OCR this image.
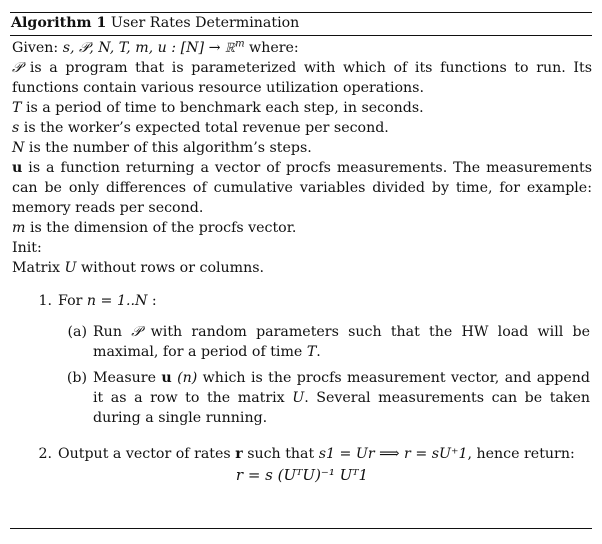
Algorithm 1 User Rates Determination
Given: s, 𝒫, N, T, m, u : [N] → ℝ$^m$ where:
𝒫 is a program that is parameterized with which of its functions to run. Its functions contain various resource utilization operations.
T is a period of time to benchmark each step, in seconds.
s is the worker’s expected total revenue per second.
N is the number of this algorithm’s steps.
u is a function returning a vector of procfs measurements. The measurements can be only differences of cumulative variables divided by time, for example: memory reads per second.
m is the dimension of the procfs vector.
Init:
Matrix U without rows or columns.
1. For n = 1..N :
(a) Run 𝒫 with random parameters such that the HW load will be maximal, for a period of time T.
(b) Measure u (n) which is the procfs measurement vector, and append it as a row to the matrix U. Several measurements can be taken during a single running.
2. Output a vector of rates r such that s1 = Ur ⟹ r = sU⁺1, hence return:
r = s (UᵀU)⁻¹ Uᵀ1
